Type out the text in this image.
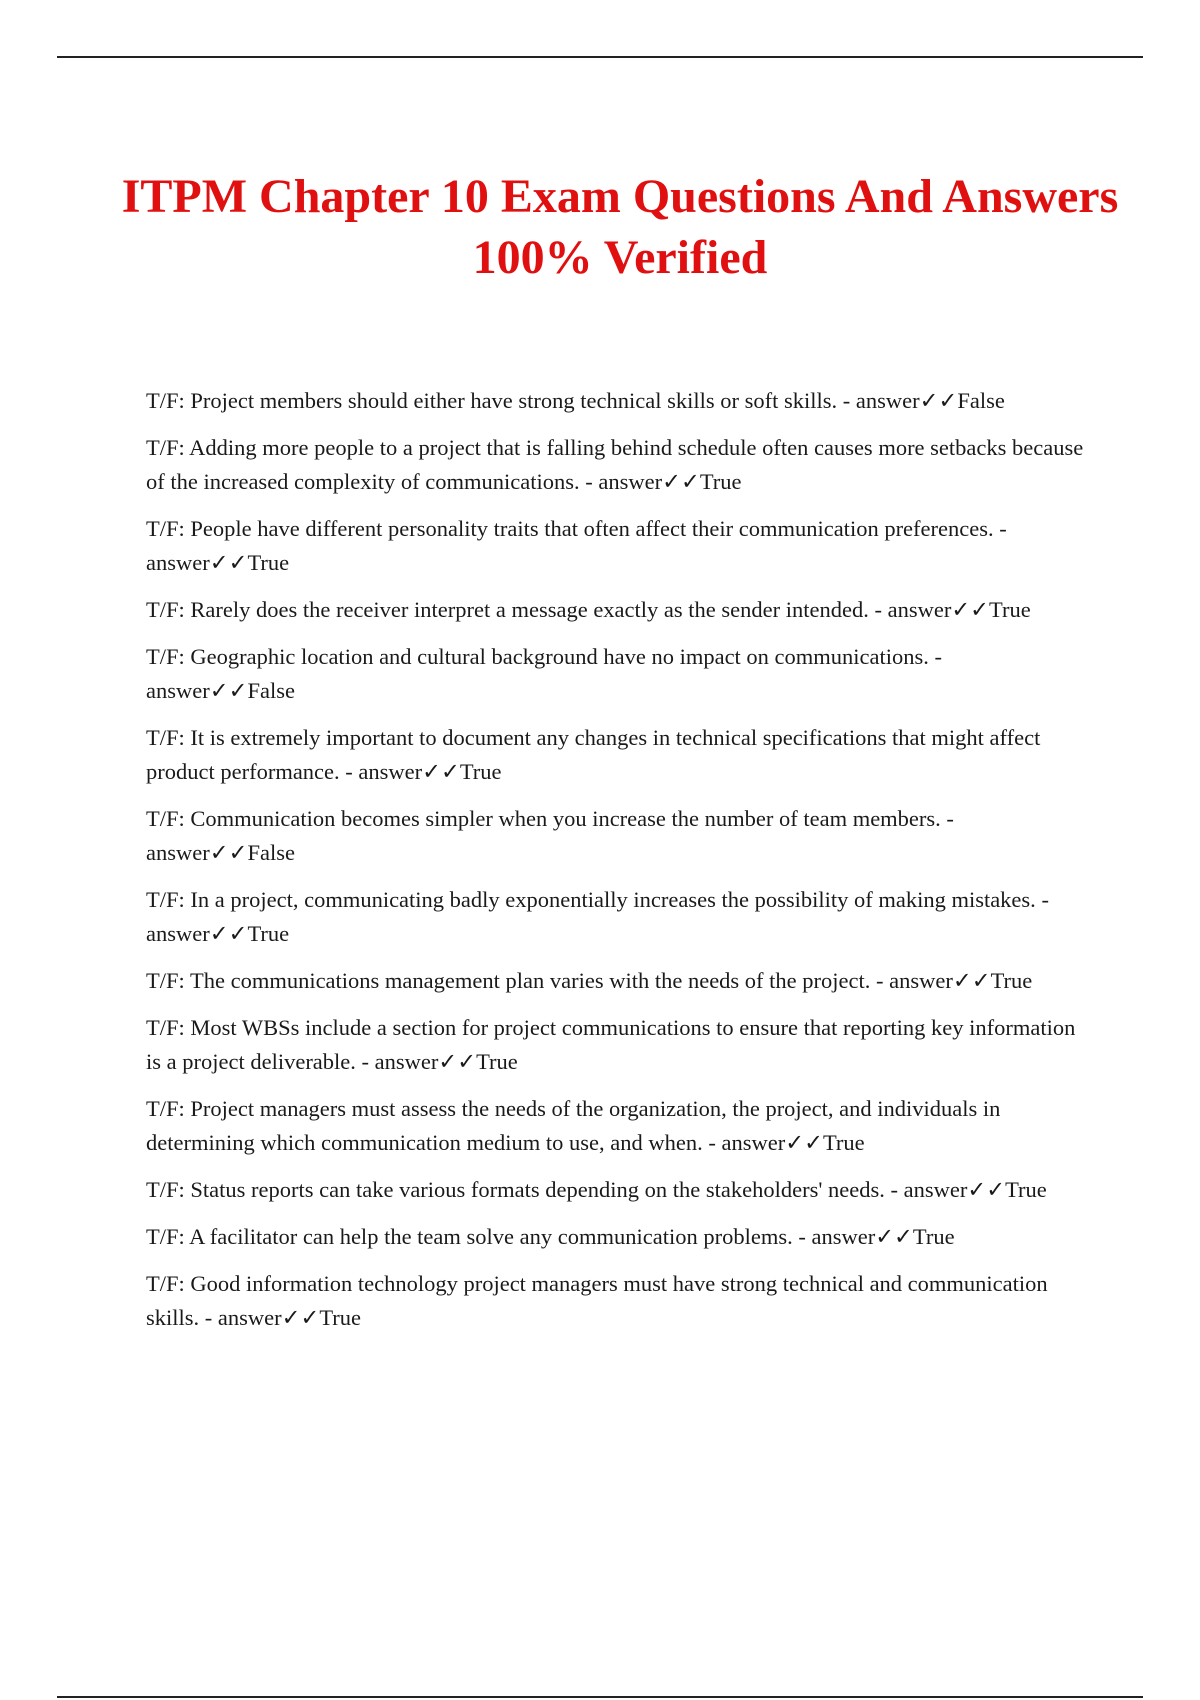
ITPM Chapter 10 Exam Questions And Answers 100% Verified
T/F: Project members should either have strong technical skills or soft skills. - answer✓✓False
T/F: Adding more people to a project that is falling behind schedule often causes more setbacks because of the increased complexity of communications. - answer✓✓True
T/F: People have different personality traits that often affect their communication preferences. - answer✓✓True
T/F: Rarely does the receiver interpret a message exactly as the sender intended. - answer✓✓True
T/F: Geographic location and cultural background have no impact on communications. - answer✓✓False
T/F: It is extremely important to document any changes in technical specifications that might affect product performance. - answer✓✓True
T/F: Communication becomes simpler when you increase the number of team members. - answer✓✓False
T/F: In a project, communicating badly exponentially increases the possibility of making mistakes. - answer✓✓True
T/F: The communications management plan varies with the needs of the project. - answer✓✓True
T/F: Most WBSs include a section for project communications to ensure that reporting key information is a project deliverable. - answer✓✓True
T/F: Project managers must assess the needs of the organization, the project, and individuals in determining which communication medium to use, and when. - answer✓✓True
T/F: Status reports can take various formats depending on the stakeholders' needs. - answer✓✓True
T/F: A facilitator can help the team solve any communication problems. - answer✓✓True
T/F: Good information technology project managers must have strong technical and communication skills. - answer✓✓True
